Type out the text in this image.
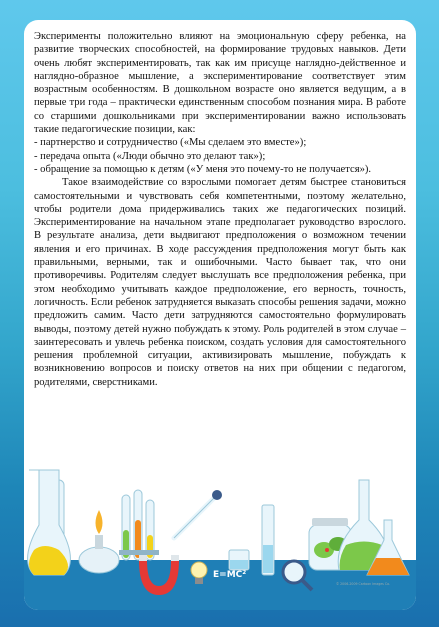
Эксперименты положительно влияют на эмоциональную сферу ребенка, на развитие творческих способностей, на формирование трудовых навыков. Дети очень любят экспериментировать, так как им присуще наглядно-действенное и наглядно-образное мышление, а экспериментирование соответствует этим возрастным особенностям. В дошкольном возрасте оно является ведущим, а в первые три года – практически единственным способом познания мира. В работе со старшими дошкольниками при экспериментировании важно использовать такие педагогические позиции, как:

- партнерство и сотрудничество («Мы сделаем это вместе»);

- передача опыта («Люди обычно это делают так»);

- обращение за помощью к детям («У меня это почему-то не получается»).

Такое взаимодействие со взрослыми помогает детям быстрее становиться самостоятельными и чувствовать себя компетентными, поэтому желательно, чтобы родители дома придерживались таких же педагогических позиций. Экспериментирование на начальном этапе предполагает руководство взрослого. В результате анализа, дети выдвигают предположения о возможном течении явления и его причинах. В ходе рассуждения предположения могут быть как правильными, верными, так и ошибочными. Часто бывает так, что они противоречивы. Родителям следует выслушать все предположения ребенка, при этом необходимо учитывать каждое предположение, его верность, точность, логичность. Если ребенок затрудняется выказать способы решения задачи, можно предложить самим. Часто дети затрудняются самостоятельно формулировать выводы, поэтому детей нужно побуждать к этому. Роль родителей в этом случае – заинтересовать и увлечь ребенка поиском, создать условия для самостоятельного решения проблемной ситуации, активизировать мышление, побуждать к возникновению вопросов и поиску ответов на них при общении с педагогом, родителями, сверстниками.

E=MC²
© 2006-2009 Cartoon Images Co.
